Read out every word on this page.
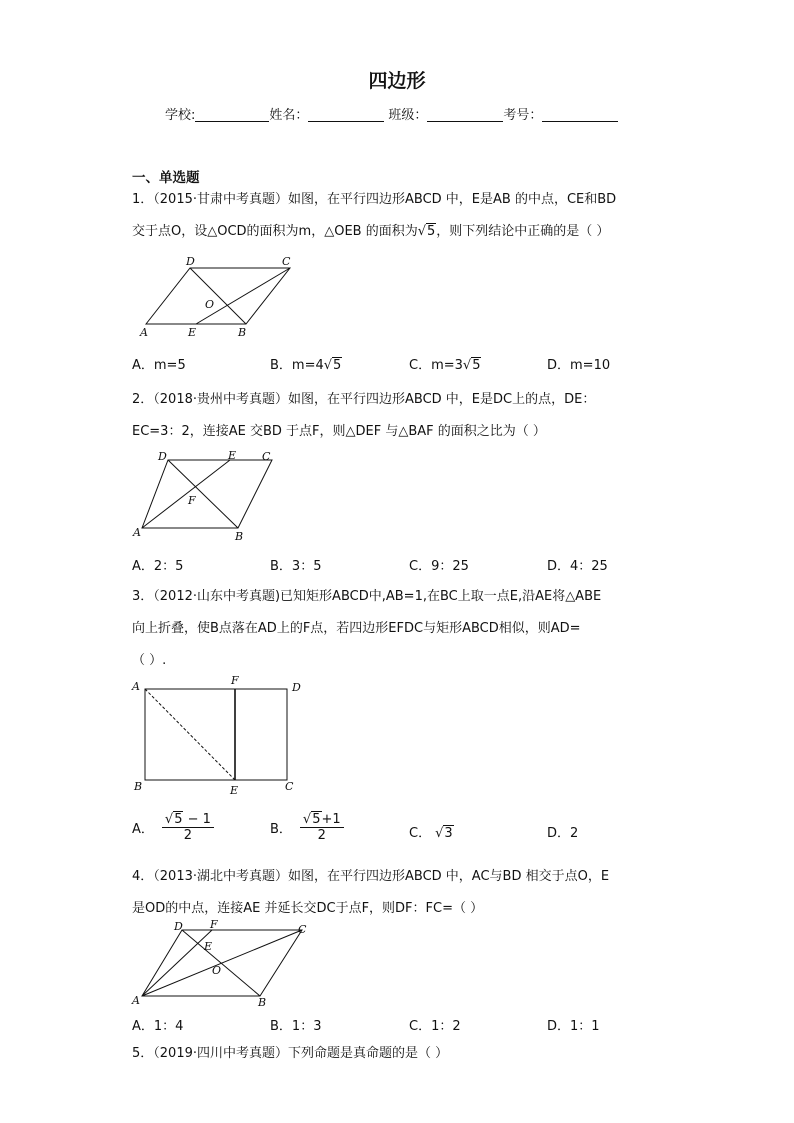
四边形
学校:	姓名：	班级：	考号：
一、单选题
1．（2015·甘肃中考真题）如图，在平行四边形ABCD 中，E是AB 的中点，CE和BD
交于点O，设△OCD的面积为m，△OEB 的面积为√5，则下列结论中正确的是（ ）
D	C
O
A	E	B
A．m=5	B．m=4√5	C．m=3√5	D．m=10
2．（2018·贵州中考真题）如图，在平行四边形ABCD 中，E是DC上的点，DE：
EC=3：2，连接AE 交BD 于点F，则△DEF 与△BAF 的面积之比为（ ）
D	E C
F
A	B
A．2：5	B．3：5	C．9：25	D．4：25
3．（2012·山东中考真题)已知矩形ABCD中,AB=1,在BC上取一点E,沿AE将△ABE
向上折叠，使B点落在AD上的F点，若四边形EFDC与矩形ABCD相似，则AD=
（ ）.
A	F
D
B	E	C
A． $\frac{√5 - 1}{2}$	B． $\frac{√5+1}{2}$	C． √3	D．2
4．（2013·湖北中考真题）如图，在平行四边形ABCD 中，AC与BD 相交于点O，E
是OD的中点，连接AE 并延长交DC于点F，则DF：FC=（ ）
D F
E
C
O
A	B
A．1：4	B．1：3	C．1：2	D．1：1
5．（2019·四川中考真题）下列命题是真命题的是（ ）
